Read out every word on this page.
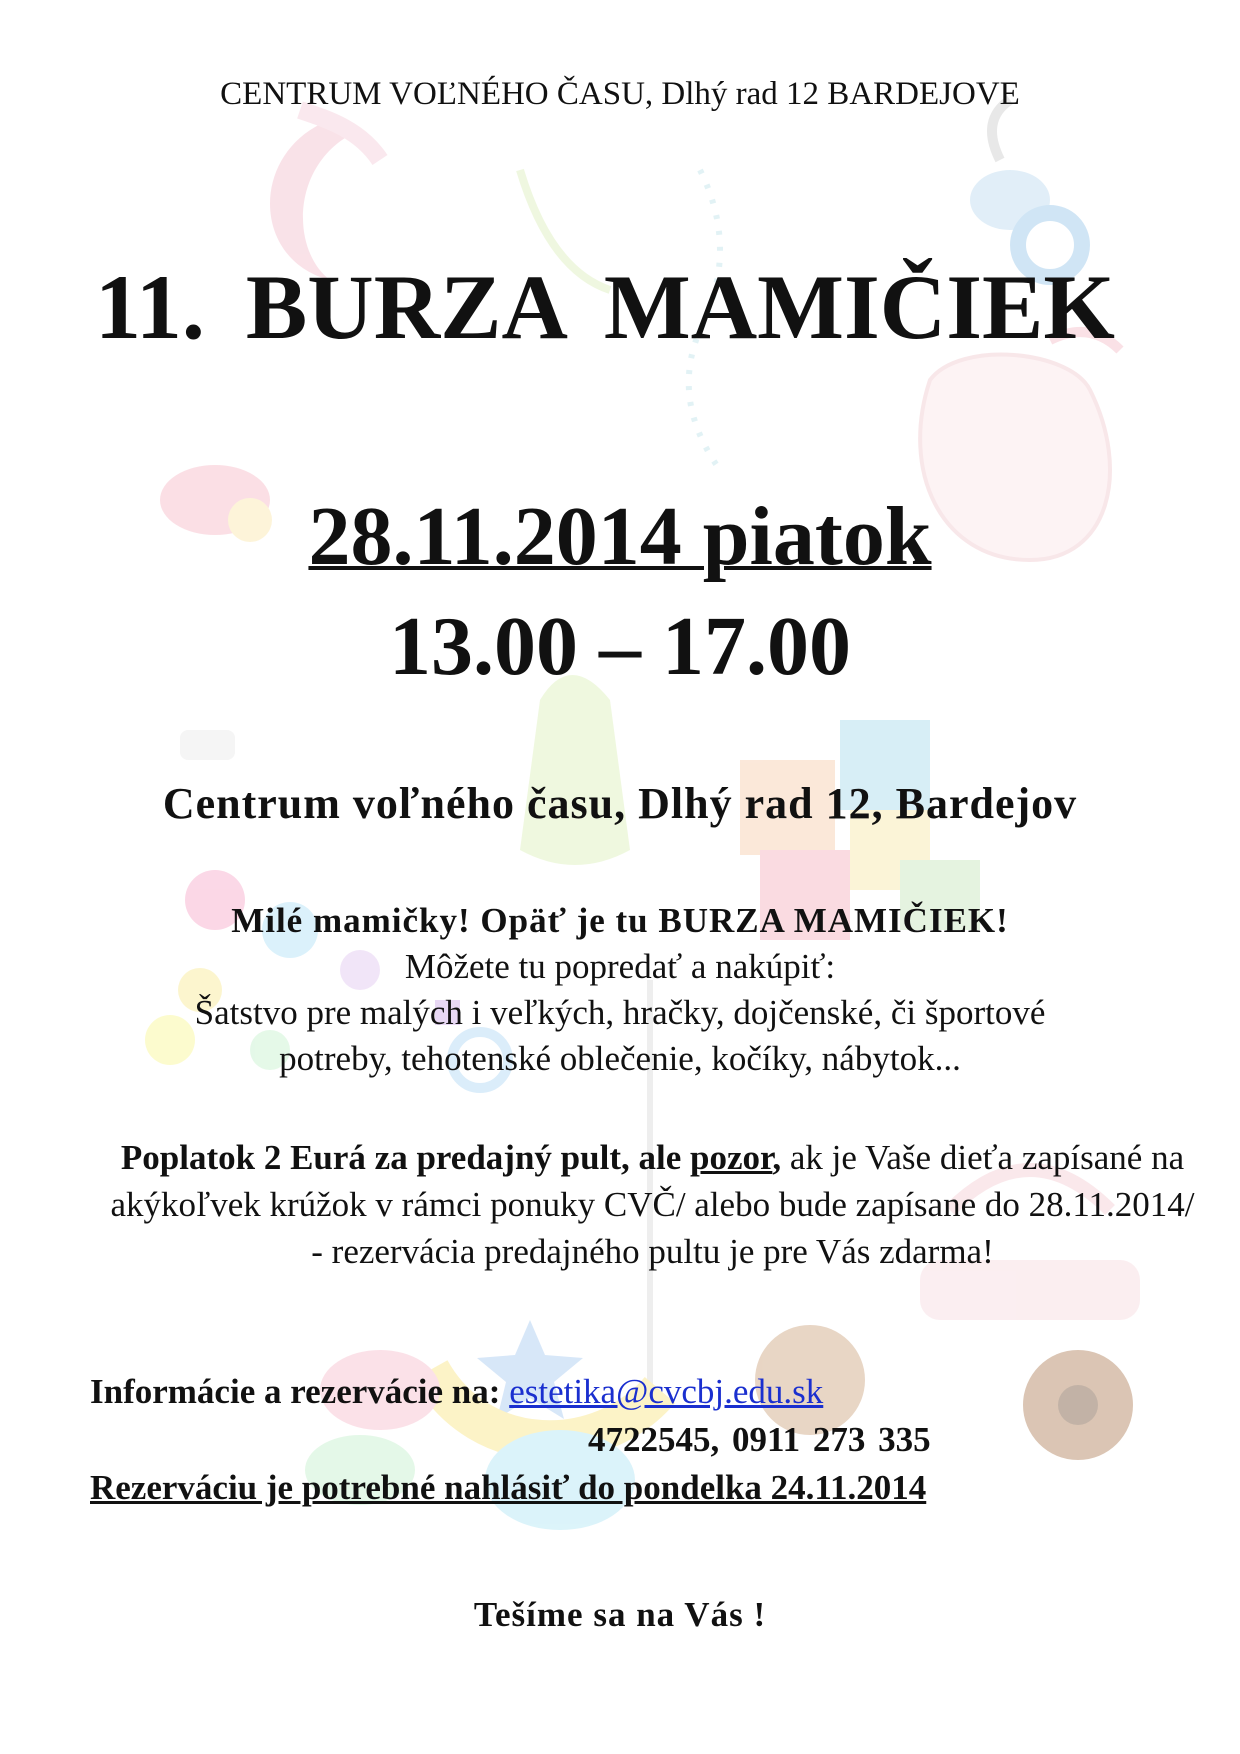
CENTRUM VOĽNÉHO ČASU, Dlhý rad 12 BARDEJOVE
11. BURZA MAMIČIEK
28.11.2014 piatok
13.00 – 17.00
Centrum voľného času, Dlhý rad 12, Bardejov
Milé mamičky! Opäť je tu BURZA MAMIČIEK!
Môžete tu popredať a nakúpiť:
Šatstvo pre malých i veľkých, hračky, dojčenské, či športové
potreby, tehotenské oblečenie, kočíky, nábytok...
Poplatok 2 Eurá za predajný pult, ale pozor, ak je Vaše dieťa zapísané na akýkoľvek krúžok v rámci ponuky CVČ/ alebo bude zapísane do 28.11.2014/ - rezervácia predajného pultu je pre Vás zdarma!
Informácie a rezervácie na: estetika@cvcbj.edu.sk
4722545, 0911 273 335
Rezerváciu je potrebné nahlásiť do pondelka 24.11.2014
Tešíme sa na Vás !
